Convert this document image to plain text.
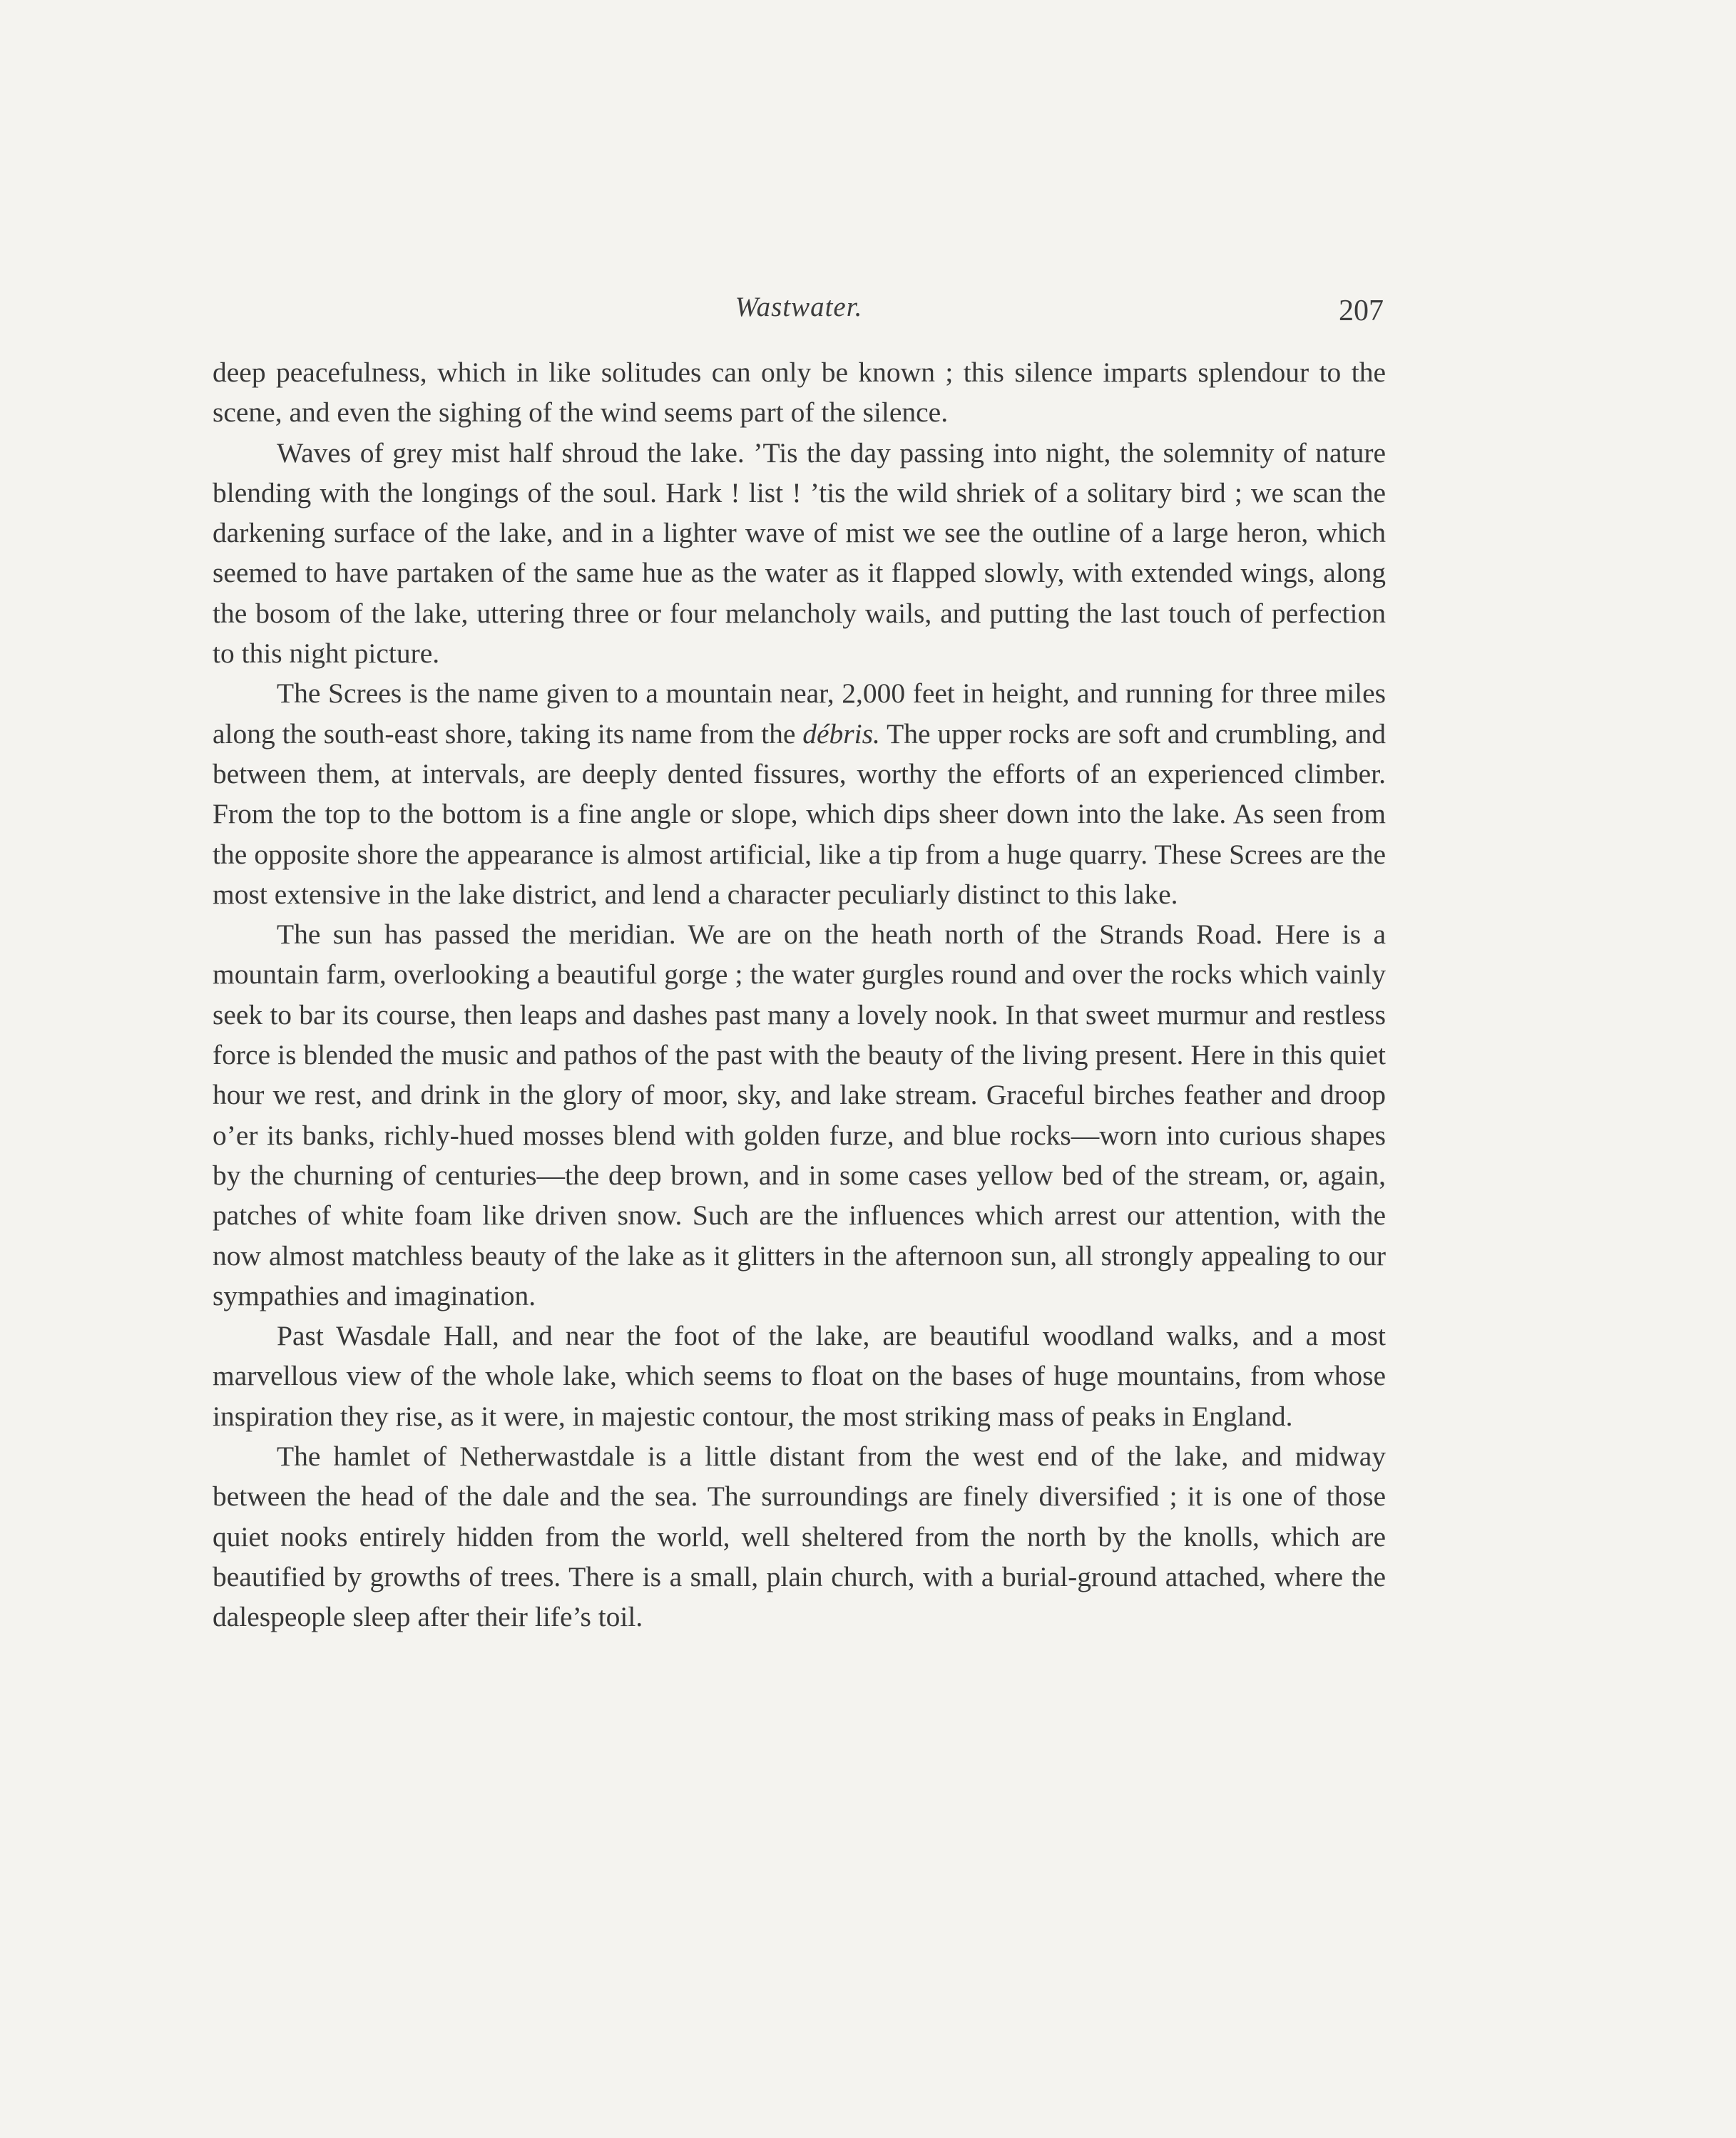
Wastwater.	207

deep peacefulness, which in like solitudes can only be known ; this silence imparts splendour to the scene, and even the sighing of the wind seems part of the silence.

Waves of grey mist half shroud the lake. ’Tis the day passing into night, the solemnity of nature blending with the longings of the soul. Hark ! list ! ’tis the wild shriek of a solitary bird ; we scan the darkening surface of the lake, and in a lighter wave of mist we see the outline of a large heron, which seemed to have partaken of the same hue as the water as it flapped slowly, with extended wings, along the bosom of the lake, uttering three or four melancholy wails, and putting the last touch of perfection to this night picture.

The Screes is the name given to a mountain near, 2,000 feet in height, and running for three miles along the south-east shore, taking its name from the débris. The upper rocks are soft and crumbling, and between them, at intervals, are deeply dented fissures, worthy the efforts of an experienced climber. From the top to the bottom is a fine angle or slope, which dips sheer down into the lake. As seen from the opposite shore the appearance is almost artificial, like a tip from a huge quarry. These Screes are the most extensive in the lake district, and lend a character peculiarly distinct to this lake.

The sun has passed the meridian. We are on the heath north of the Strands Road. Here is a mountain farm, overlooking a beautiful gorge ; the water gurgles round and over the rocks which vainly seek to bar its course, then leaps and dashes past many a lovely nook. In that sweet murmur and restless force is blended the music and pathos of the past with the beauty of the living present. Here in this quiet hour we rest, and drink in the glory of moor, sky, and lake stream. Graceful birches feather and droop o’er its banks, richly-hued mosses blend with golden furze, and blue rocks—worn into curious shapes by the churning of centuries—the deep brown, and in some cases yellow bed of the stream, or, again, patches of white foam like driven snow. Such are the influences which arrest our attention, with the now almost matchless beauty of the lake as it glitters in the afternoon sun, all strongly appealing to our sympathies and imagination.

Past Wasdale Hall, and near the foot of the lake, are beautiful woodland walks, and a most marvellous view of the whole lake, which seems to float on the bases of huge mountains, from whose inspiration they rise, as it were, in majestic contour, the most striking mass of peaks in England.

The hamlet of Netherwastdale is a little distant from the west end of the lake, and midway between the head of the dale and the sea. The surroundings are finely diversified ; it is one of those quiet nooks entirely hidden from the world, well sheltered from the north by the knolls, which are beautified by growths of trees. There is a small, plain church, with a burial-ground attached, where the dalespeople sleep after their life’s toil.
